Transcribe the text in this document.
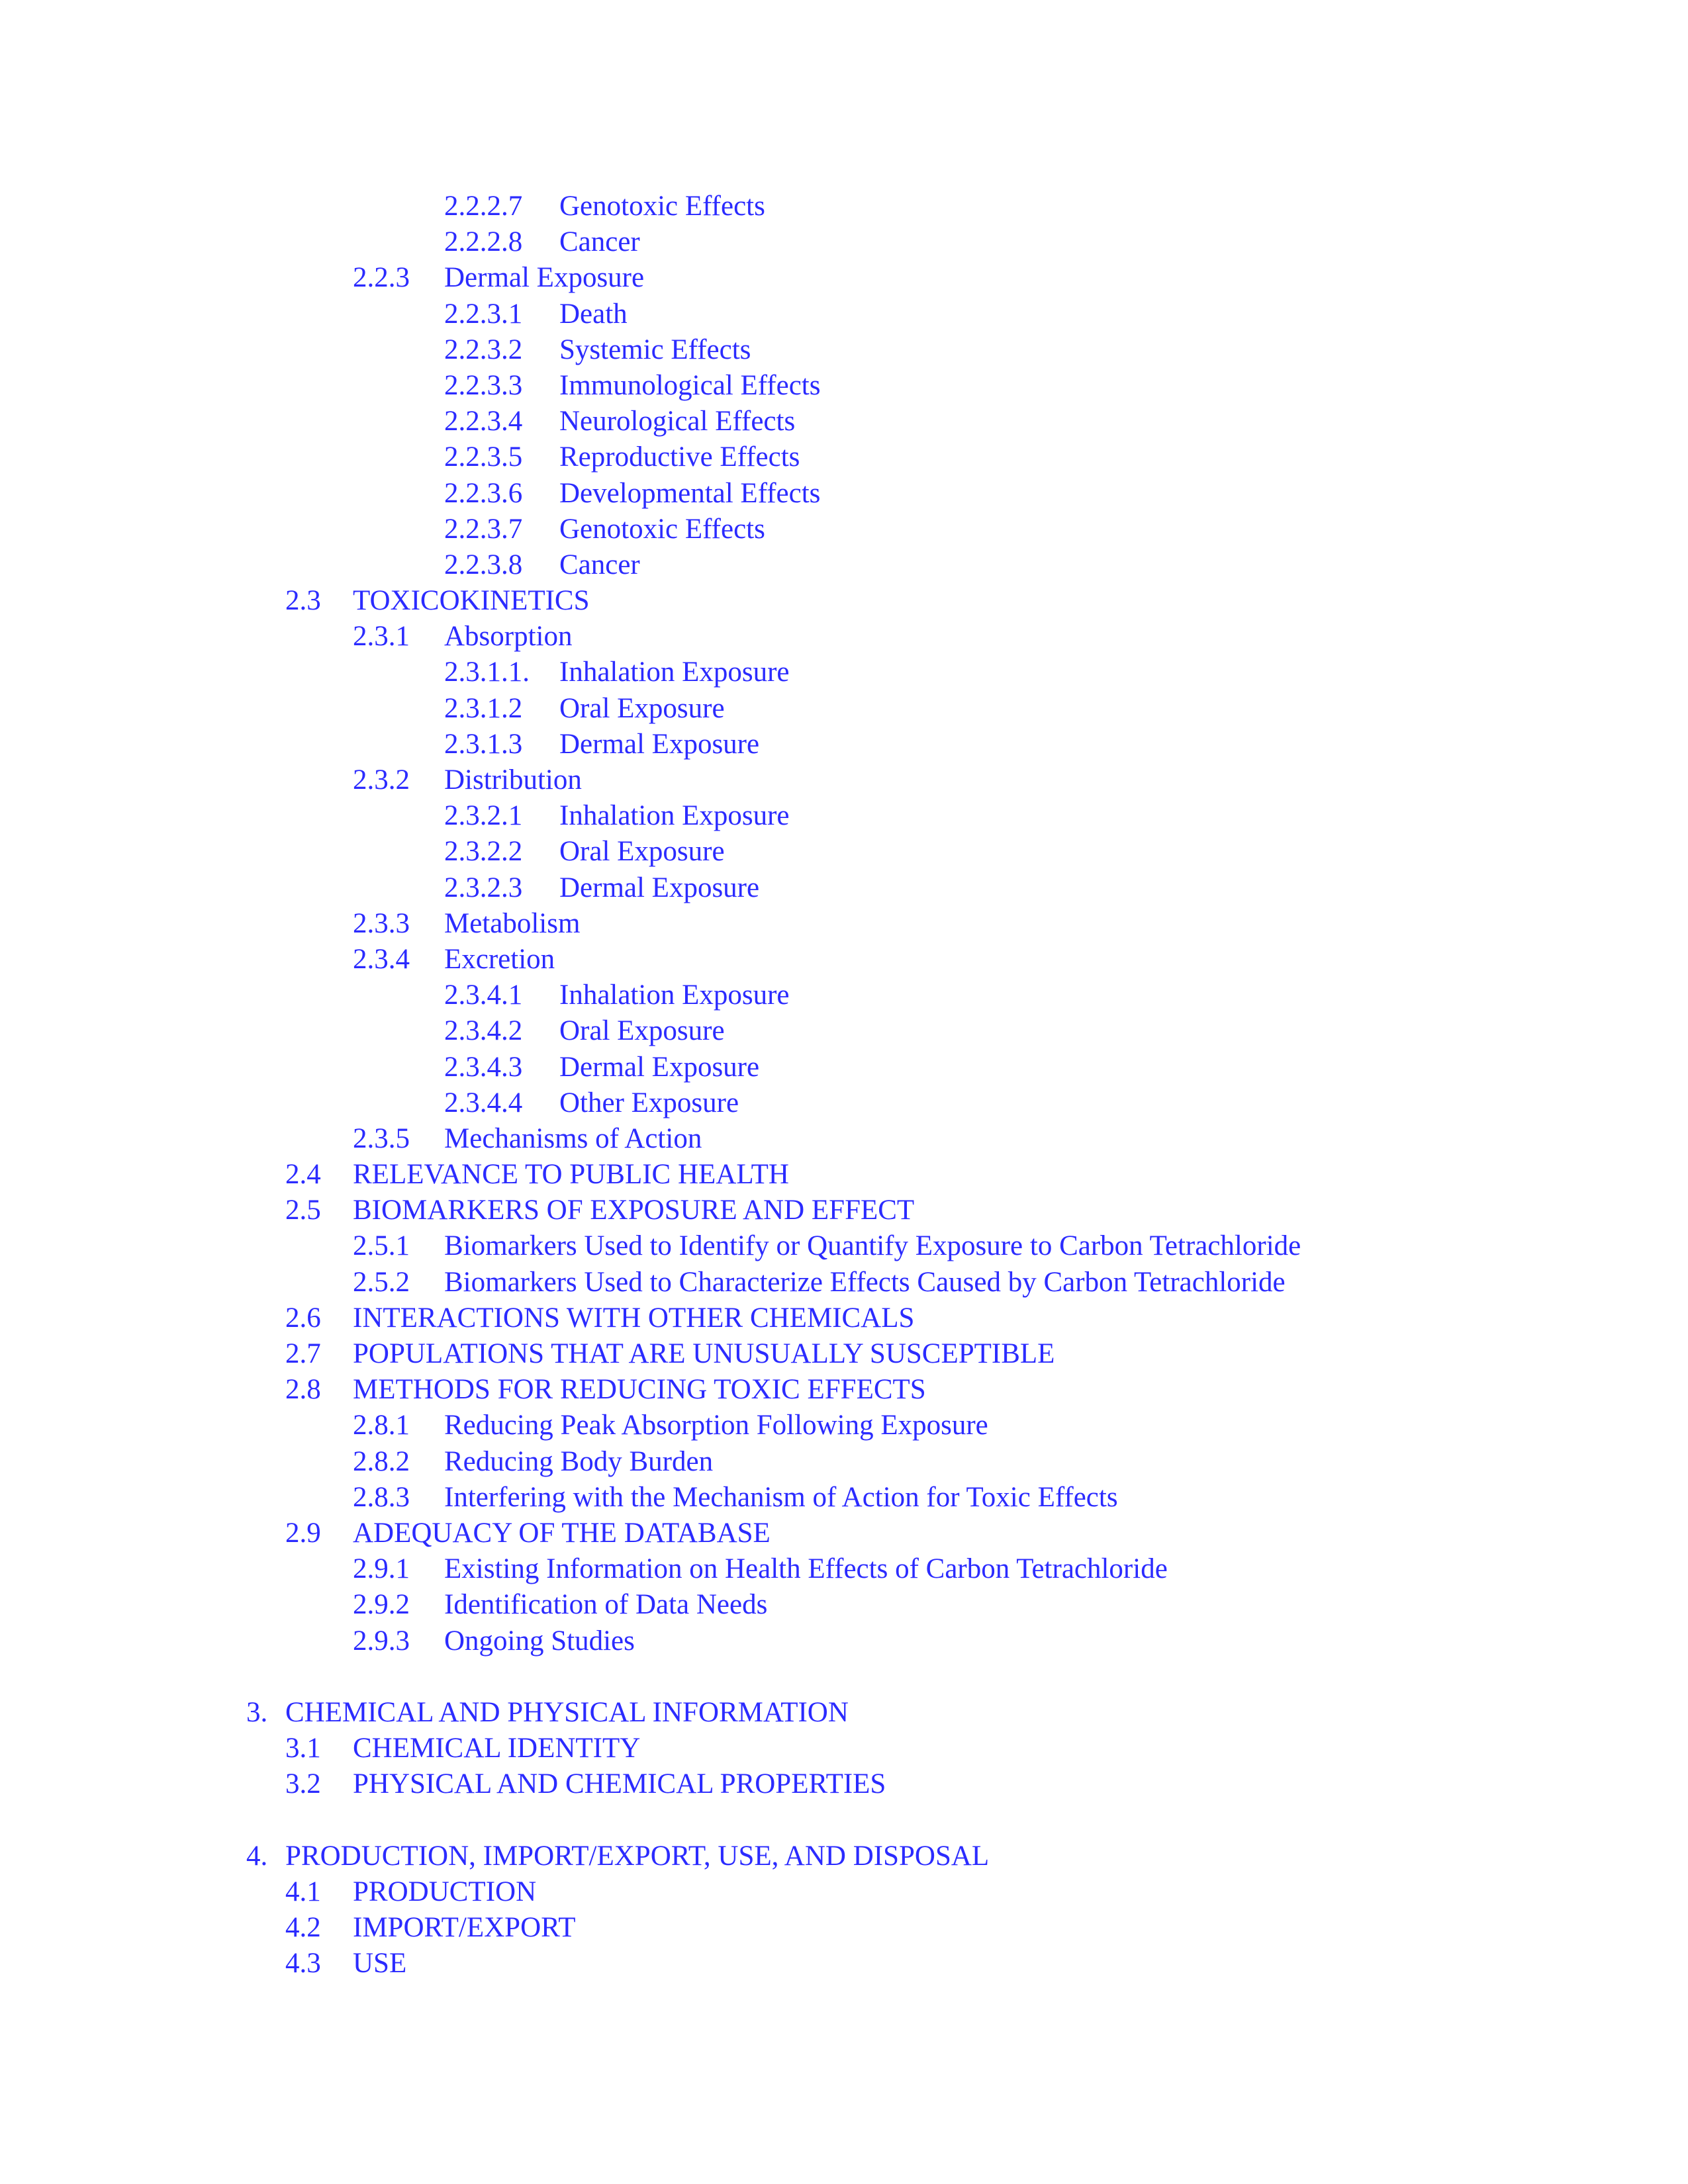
2.2.2.7 Genotoxic Effects
2.2.2.8 Cancer
2.2.3 Dermal Exposure
2.2.3.1 Death
2.2.3.2 Systemic Effects
2.2.3.3 Immunological Effects
2.2.3.4 Neurological Effects
2.2.3.5 Reproductive Effects
2.2.3.6 Developmental Effects
2.2.3.7 Genotoxic Effects
2.2.3.8 Cancer
2.3 TOXICOKINETICS
2.3.1 Absorption
2.3.1.1. Inhalation Exposure
2.3.1.2 Oral Exposure
2.3.1.3 Dermal Exposure
2.3.2 Distribution
2.3.2.1 Inhalation Exposure
2.3.2.2 Oral Exposure
2.3.2.3 Dermal Exposure
2.3.3 Metabolism
2.3.4 Excretion
2.3.4.1 Inhalation Exposure
2.3.4.2 Oral Exposure
2.3.4.3 Dermal Exposure
2.3.4.4 Other Exposure
2.3.5 Mechanisms of Action
2.4 RELEVANCE TO PUBLIC HEALTH
2.5 BIOMARKERS OF EXPOSURE AND EFFECT
2.5.1 Biomarkers Used to Identify or Quantify Exposure to Carbon Tetrachloride
2.5.2 Biomarkers Used to Characterize Effects Caused by Carbon Tetrachloride
2.6 INTERACTIONS WITH OTHER CHEMICALS
2.7 POPULATIONS THAT ARE UNUSUALLY SUSCEPTIBLE
2.8 METHODS FOR REDUCING TOXIC EFFECTS
2.8.1 Reducing Peak Absorption Following Exposure
2.8.2 Reducing Body Burden
2.8.3 Interfering with the Mechanism of Action for Toxic Effects
2.9 ADEQUACY OF THE DATABASE
2.9.1 Existing Information on Health Effects of Carbon Tetrachloride
2.9.2 Identification of Data Needs
2.9.3 Ongoing Studies
3. CHEMICAL AND PHYSICAL INFORMATION
3.1 CHEMICAL IDENTITY
3.2 PHYSICAL AND CHEMICAL PROPERTIES
4. PRODUCTION, IMPORT/EXPORT, USE, AND DISPOSAL
4.1 PRODUCTION
4.2 IMPORT/EXPORT
4.3 USE
